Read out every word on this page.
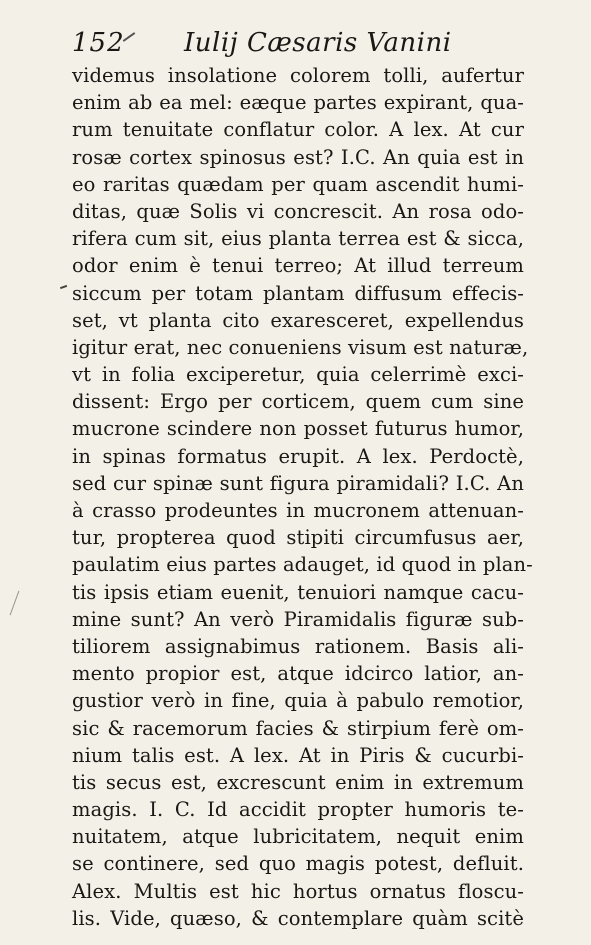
152 Iulij Cæsaris Vanini
videmus insolatione colorem tolli, aufertur
enim ab ea mel: eæque partes expirant, qua-
rum tenuitate conflatur color. A lex. At cur
rosæ cortex spinosus est? I.C. An quia est in
eo raritas quædam per quam ascendit humi-
ditas, quæ Solis vi concrescit. An rosa odo-
rifera cum sit, eius planta terrea est & sicca,
odor enim è tenui terreo; At illud terreum
siccum per totam plantam diffusum effecis-
set, vt planta cito exaresceret, expellendus
igitur erat, nec conueniens visum est naturæ,
vt in folia exciperetur, quia celerrimè exci-
dissent: Ergo per corticem, quem cum sine
mucrone scindere non posset futurus humor,
in spinas formatus erupit. A lex. Perdoctè,
sed cur spinæ sunt figura piramidali? I.C. An
à crasso prodeuntes in mucronem attenuan-
tur, propterea quod stipiti circumfusus aer,
paulatim eius partes adauget, id quod in plan-
tis ipsis etiam euenit, tenuiori namque cacu-
mine sunt? An verò Piramidalis figuræ sub-
tiliorem assignabimus rationem. Basis ali-
mento propior est, atque idcirco latior, an-
gustior verò in fine, quia à pabulo remotior,
sic & racemorum facies & stirpium ferè om-
nium talis est. A lex. At in Piris & cucurbi-
tis secus est, excrescunt enim in extremum
magis. I. C. Id accidit propter humoris te-
nuitatem, atque lubricitatem, nequit enim
se continere, sed quo magis potest, defluit.
Alex. Multis est hic hortus ornatus floscu-
lis. Vide, quæso, & contemplare quàm scitè
